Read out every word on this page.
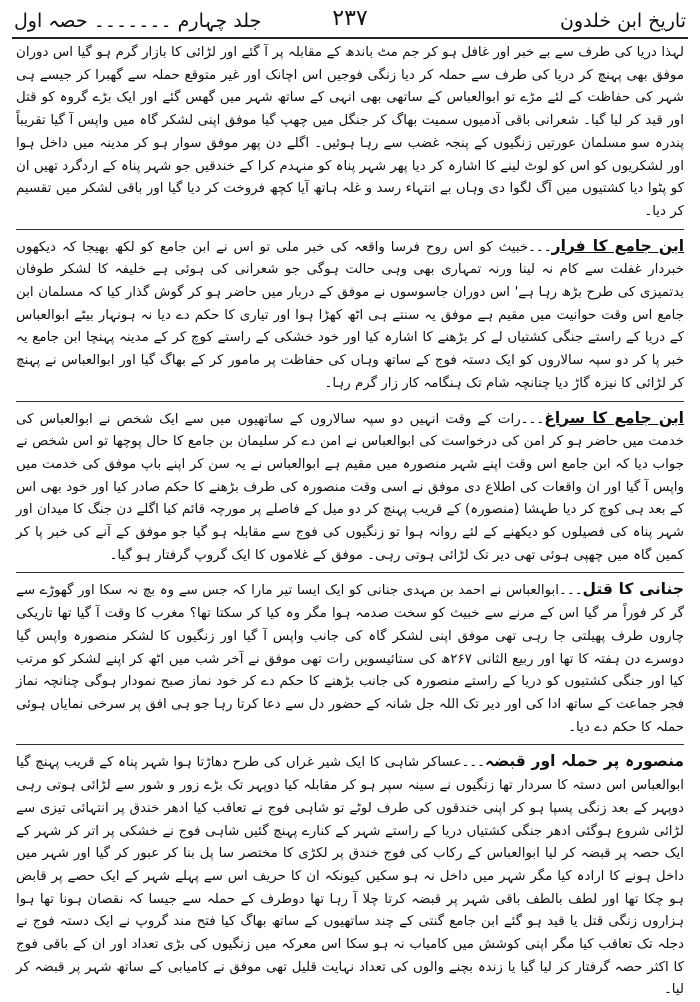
تاریخ ابن خلدون
۲۳۷
جلد چہارم ۔۔۔۔۔۔۔ حصہ اول

لہذا دریا کی طرف سے بے خبر اور غافل ہو کر جم مٹ باندھ کے مقابلہ پر آ گئے اور لڑائی کا بازار گرم ہو گیا اس دوران موفق بھی پہنچ کر دریا کی طرف سے حملہ کر دیا زنگی فوجیں اس اچانک اور غیر متوقع حملہ سے گھبرا کر جیسے ہی شہر کی حفاظت کے لئے مڑے تو ابوالعباس کے ساتھی بھی انہی کے ساتھ شہر میں گھس گئے اور ایک بڑے گروہ کو قتل اور قید کر لیا گیا۔ شعرانی باقی آدمیوں سمیت بھاگ کر جنگل میں چھپ گیا موفق اپنی لشکر گاہ میں واپس آ گیا تقریباً پندرہ سو مسلمان عورتیں زنگیوں کے پنجہ غضب سے رہا ہوئیں۔ اگلے دن پھر موفق سوار ہو کر مدینہ میں داخل ہوا اور لشکریوں کو اس کو لوٹ لینے کا اشارہ کر دیا پھر شہر پناہ کو منہدم کرا کے خندقیں جو شہر پناہ کے اردگرد تھیں ان کو پٹوا دیا کشتیوں میں آگ لگوا دی وہاں بے انتہاء رسد و غلہ ہاتھ آیا کچھ فروخت کر دیا گیا اور باقی لشکر میں تقسیم کر دیا۔

ابن جامع کا فرار۔۔۔خبیث کو اس روح فرسا واقعہ کی خبر ملی تو اس نے ابن جامع کو لکھ بھیجا کہ دیکھوں خبردار غفلت سے کام نہ لینا ورنہ تمہاری بھی وہی حالت ہوگی جو شعرانی کی ہوئی ہے خلیفہ کا لشکر طوفان بدتمیزی کی طرح بڑھ رہا ہے' اس دوران جاسوسوں نے موفق کے دربار میں حاضر ہو کر گوش گذار کیا کہ مسلمان ابن جامع اس وقت حوانیت میں مقیم ہے موفق یہ سنتے ہی اٹھ کھڑا ہوا اور تیاری کا حکم دے دیا نہ ہونہار بیٹے ابوالعباس کے دریا کے راستے جنگی کشتیاں لے کر بڑھنے کا اشارہ کیا اور خود خشکی کے راستے کوچ کر کے مدینہ پہنچا ابن جامع یہ خبر پا کر دو سپہ سالاروں کو ایک دستہ فوج کے ساتھ وہاں کی حفاظت پر مامور کر کے بھاگ گیا اور ابوالعباس نے پہنچ کر لڑائی کا نیزہ گاڑ دیا چنانچہ شام تک ہنگامہ کار زار گرم رہا۔

ابن جامع کا سراغ۔۔۔رات کے وقت انہیں دو سپہ سالاروں کے ساتھیوں میں سے ایک شخص نے ابوالعباس کی خدمت میں حاضر ہو کر امن کی درخواست کی ابوالعباس نے امن دے کر سلیمان بن جامع کا حال پوچھا تو اس شخص نے جواب دیا کہ ابن جامع اس وقت اپنے شہر منصورہ میں مقیم ہے ابوالعباس نے یہ سن کر اپنے باپ موفق کی خدمت میں واپس آ گیا اور ان واقعات کی اطلاع دی موفق نے اسی وقت منصورہ کی طرف بڑھنے کا حکم صادر کیا اور خود بھی اس کے بعد ہی کوچ کر دیا طہشا (منصورہ) کے قریب پہنچ کر دو میل کے فاصلے پر مورچہ قائم کیا اگلے دن جنگ کا میدان اور شہر پناہ کی فصیلوں کو دیکھنے کے لئے روانہ ہوا تو زنگیوں کی فوج سے مقابلہ ہو گیا جو موفق کے آنے کی خبر پا کر کمین گاہ میں چھپی ہوئی تھی دیر تک لڑائی ہوتی رہی۔ موفق کے غلاموں کا ایک گروپ گرفتار ہو گیا۔

جنانی کا قتل۔۔۔ابوالعباس نے احمد بن مہدی جنانی کو ایک ایسا تیر مارا کہ جس سے وہ بچ نہ سکا اور گھوڑے سے گر کر فوراً مر گیا اس کے مرنے سے خبیث کو سخت صدمہ ہوا مگر وہ کیا کر سکتا تھا؟ مغرب کا وقت آ گیا تھا تاریکی چاروں طرف پھیلتی جا رہی تھی موفق اپنی لشکر گاہ کی جانب واپس آ گیا اور زنگیوں کا لشکر منصورہ واپس گیا دوسرے دن ہفتہ کا تھا اور ربیع الثانی ۲۶۷ھ کی ستائیسویں رات تھی موفق نے آخر شب میں اٹھ کر اپنے لشکر کو مرتب کیا اور جنگی کشتیوں کو دریا کے راستے منصورہ کی جانب بڑھنے کا حکم دے کر خود نماز صبح نمودار ہوگی چنانچہ نماز فجر جماعت کے ساتھ ادا کی اور دیر تک اللہ جل شانہ کے حضور دل سے دعا کرتا رہا جو ہی افق پر سرخی نمایاں ہوئی حملہ کا حکم دے دیا۔

منصورہ پر حملہ اور قبضہ۔۔۔عساکر شاہی کا ایک شیر غراں کی طرح دھاڑتا ہوا شہر پناہ کے قریب پہنچ گیا ابوالعباس اس دستہ کا سردار تھا زنگیوں نے سینہ سپر ہو کر مقابلہ کیا دوپہر تک بڑے زور و شور سے لڑائی ہوتی رہی دوپہر کے بعد زنگی پسپا ہو کر اپنی خندقوں کی طرف لوٹے تو شاہی فوج نے تعاقب کیا ادھر خندق پر انتہائی تیزی سے لڑائی شروع ہوگئی ادھر جنگی کشتیاں دریا کے راستے شہر کے کنارے پہنچ گئیں شاہی فوج نے خشکی پر اتر کر شہر کے ایک حصہ پر قبضہ کر لیا ابوالعباس کے رکاب کی فوج خندق پر لکڑی کا مختصر سا پل بنا کر عبور کر گیا اور شہر میں داخل ہونے کا ارادہ کیا مگر شہر میں داخل نہ ہو سکیں کیونکہ ان کا حریف اس سے پہلے شہر کے ایک حصے پر قابض ہو چکا تھا اور لطف بالطف باقی شہر پر قبضہ کرتا چلا آ رہا تھا دوطرف کے حملہ سے جیسا کہ نقصان ہونا تھا ہوا ہزاروں زنگی قتل یا قید ہو گئے ابن جامع گنتی کے چند ساتھیوں کے ساتھ بھاگ کیا فتح مند گروپ نے ایک دستہ فوج نے دجلہ تک تعاقب کیا مگر اپنی کوشش میں کامیاب نہ ہو سکا اس معرکہ میں زنگیوں کی بڑی تعداد اور ان کے باقی فوج کا اکثر حصہ گرفتار کر لیا گیا یا زندہ بچنے والوں کی تعداد نہایت قلیل تھی موفق نے کامیابی کے ساتھ شہر پر قبضہ کر لیا۔
